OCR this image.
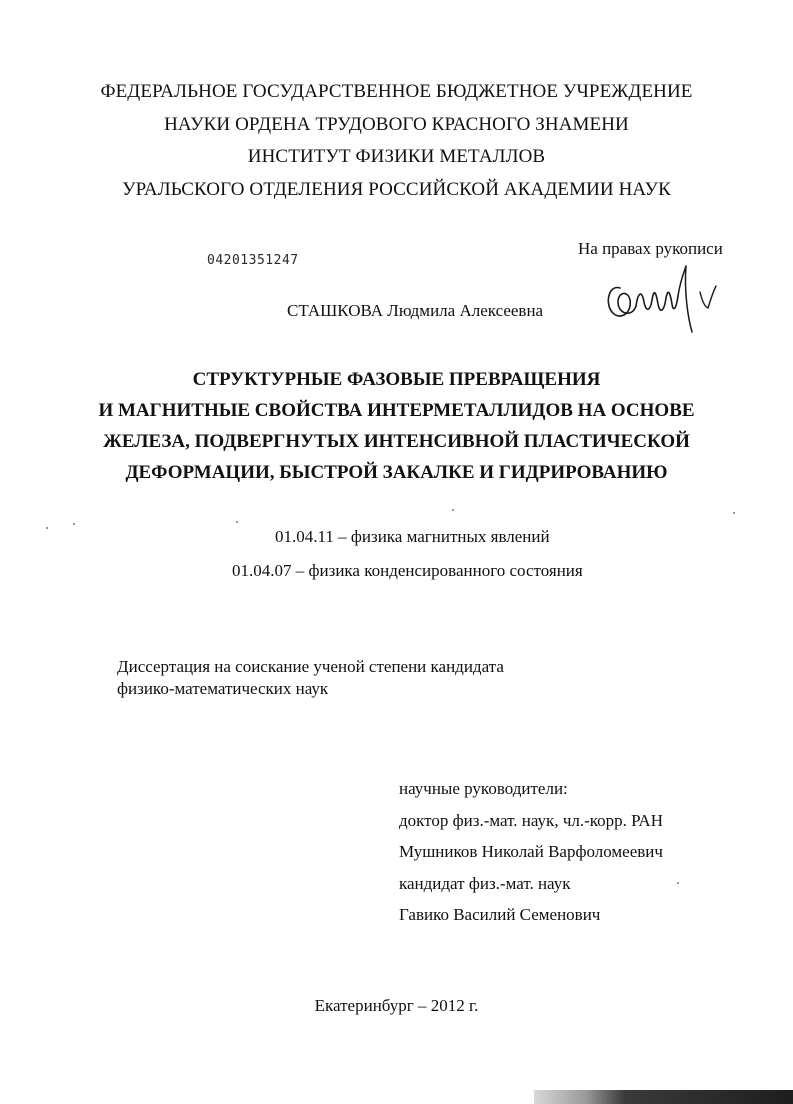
ФЕДЕРАЛЬНОЕ ГОСУДАРСТВЕННОЕ БЮДЖЕТНОЕ УЧРЕЖДЕНИЕ
НАУКИ ОРДЕНА ТРУДОВОГО КРАСНОГО ЗНАМЕНИ
ИНСТИТУТ ФИЗИКИ МЕТАЛЛОВ
УРАЛЬСКОГО ОТДЕЛЕНИЯ РОССИЙСКОЙ АКАДЕМИИ НАУК
04201351247
На правах рукописи
СТАШКОВА Людмила Алексеевна
СТРУКТУРНЫЕ ФАЗОВЫЕ ПРЕВРАЩЕНИЯ
И МАГНИТНЫЕ СВОЙСТВА ИНТЕРМЕТАЛЛИДОВ НА ОСНОВЕ
ЖЕЛЕЗА, ПОДВЕРГНУТЫХ ИНТЕНСИВНОЙ ПЛАСТИЧЕСКОЙ
ДЕФОРМАЦИИ, БЫСТРОЙ ЗАКАЛКЕ И ГИДРИРОВАНИЮ
01.04.11 – физика магнитных явлений
01.04.07 – физика конденсированного состояния
Диссертация на соискание ученой степени кандидата
физико-математических наук
научные руководители:
доктор физ.-мат. наук, чл.-корр. РАН
Мушников Николай Варфоломеевич
кандидат физ.-мат. наук
Гавико Василий Семенович
Екатеринбург – 2012 г.
